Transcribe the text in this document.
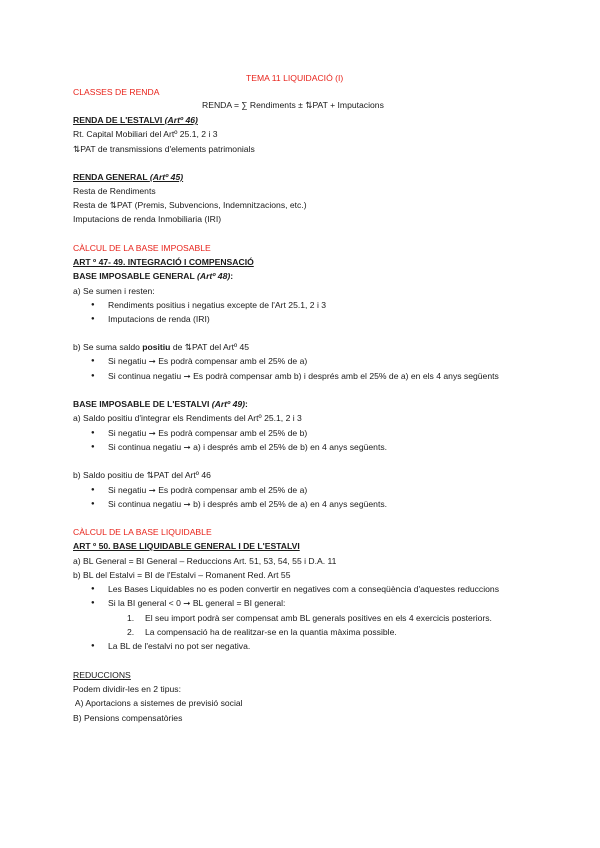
TEMA 11 LIQUIDACIÓ (I)
CLASSES DE RENDA
RENDA = ∑ Rendiments ± ⇅PAT + Imputacions
RENDA DE L'ESTALVI (Artº 46)
Rt. Capital Mobiliari del Artº 25.1, 2 i 3
⇅PAT de transmissions d'elements patrimonials
RENDA GENERAL (Artº 45)
Resta de Rendiments
Resta de ⇅PAT (Premis, Subvencions, Indemnitzacions, etc.)
Imputacions de renda Inmobiliaria (IRI)
CÀLCUL DE LA BASE IMPOSABLE
ART º 47- 49. INTEGRACIÓ I COMPENSACIÓ
BASE IMPOSABLE GENERAL (Artº 48):
a) Se sumen i resten:
● Rendiments positius i negatius excepte de l'Art 25.1, 2 i 3
● Imputacions de renda (IRI)
b) Se suma saldo positiu de ⇅PAT del Artº 45
● Si negatiu ➞ Es podrà compensar amb el 25% de a)
● Si continua negatiu ➞ Es podrà compensar amb b) i després amb el 25% de a) en els 4 anys següents
BASE IMPOSABLE DE L'ESTALVI (Artº 49):
a) Saldo positiu d'integrar els Rendiments del Artº 25.1, 2 i 3
● Si negatiu ➞ Es podrà compensar amb el 25% de b)
● Si continua negatiu ➞ a) i després amb el 25% de b) en 4 anys següents.
b) Saldo positiu de ⇅PAT del Artº 46
● Si negatiu ➞ Es podrà compensar amb el 25% de a)
● Si continua negatiu ➞ b) i després amb el 25% de a) en 4 anys següents.
CÀLCUL DE LA BASE LIQUIDABLE
ART º 50. BASE LIQUIDABLE GENERAL I DE L'ESTALVI
a) BL General = BI General – Reduccions Art. 51, 53, 54, 55 i D.A. 11
b) BL del Estalvi = BI de l'Estalvi – Romanent Red. Art 55
● Les Bases Liquidables no es poden convertir en negatives com a conseqüència d'aquestes reduccions
● Si la BI general < 0 ➞ BL general = BI general:
1. El seu import podrà ser compensat amb BL generals positives en els 4 exercicis posteriors.
2. La compensació ha de realitzar-se en la quantia màxima possible.
● La BL de l'estalvi no pot ser negativa.
REDUCCIONS
Podem dividir-les en 2 tipus:
A) Aportacions a sistemes de previsió social
B) Pensions compensatòries
